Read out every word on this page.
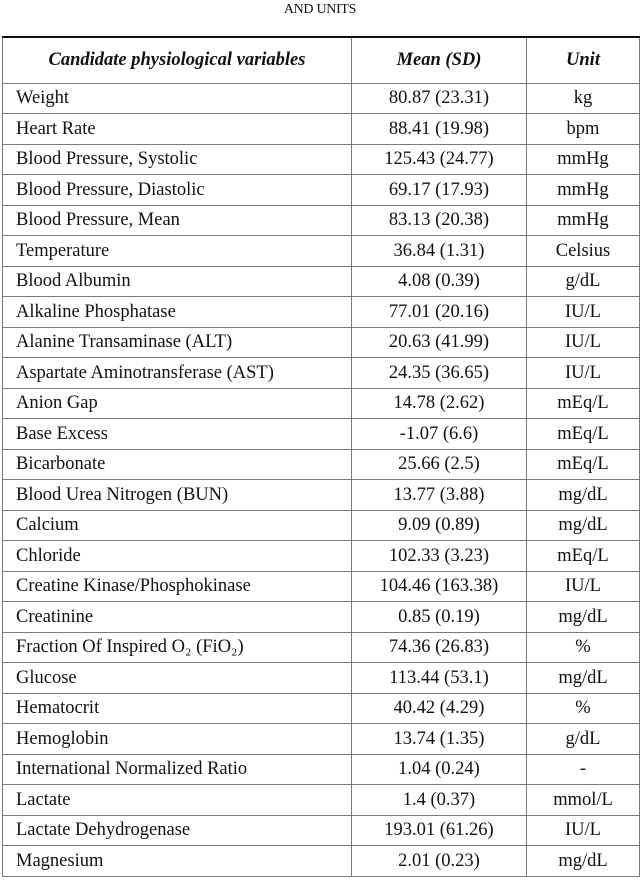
AND UNITS
Candidate physiological variables	Mean (SD)	Unit
Weight	80.87 (23.31)	kg
Heart Rate	88.41 (19.98)	bpm
Blood Pressure, Systolic	125.43 (24.77)	mmHg
Blood Pressure, Diastolic	69.17 (17.93)	mmHg
Blood Pressure, Mean	83.13 (20.38)	mmHg
Temperature	36.84 (1.31)	Celsius
Blood Albumin	4.08 (0.39)	g/dL
Alkaline Phosphatase	77.01 (20.16)	IU/L
Alanine Transaminase (ALT)	20.63 (41.99)	IU/L
Aspartate Aminotransferase (AST)	24.35 (36.65)	IU/L
Anion Gap	14.78 (2.62)	mEq/L
Base Excess	-1.07 (6.6)	mEq/L
Bicarbonate	25.66 (2.5)	mEq/L
Blood Urea Nitrogen (BUN)	13.77 (3.88)	mg/dL
Calcium	9.09 (0.89)	mg/dL
Chloride	102.33 (3.23)	mEq/L
Creatine Kinase/Phosphokinase	104.46 (163.38)	IU/L
Creatinine	0.85 (0.19)	mg/dL
Fraction Of Inspired O₂ (FiO₂)	74.36 (26.83)	%
Glucose	113.44 (53.1)	mg/dL
Hematocrit	40.42 (4.29)	%
Hemoglobin	13.74 (1.35)	g/dL
International Normalized Ratio	1.04 (0.24)	-
Lactate	1.4 (0.37)	mmol/L
Lactate Dehydrogenase	193.01 (61.26)	IU/L
Magnesium	2.01 (0.23)	mg/dL
